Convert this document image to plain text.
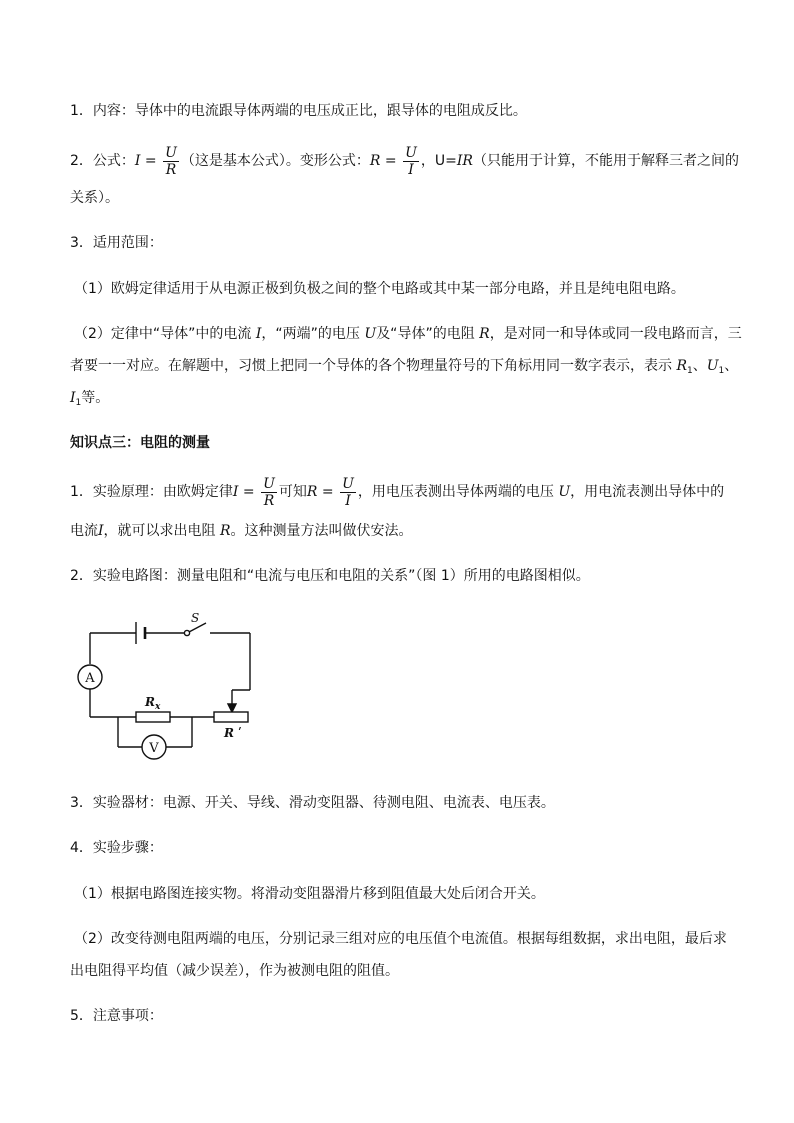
1．内容：导体中的电流跟导体两端的电压成正比，跟导体的电阻成反比。
2．公式：$I = \frac{U}{R}$ （这是基本公式）。变形公式：$R = \frac{U}{I}$ ，U=IR（只能用于计算，不能用于解释三者之间的
关系）。
3．适用范围：
（1）欧姆定律适用于从电源正极到负极之间的整个电路或其中某一部分电路，并且是纯电阻电路。
（2）定律中“导体”中的电流 I，“两端”的电压 U及“导体”的电阻 R，是对同一和导体或同一段电路而言，三
者要一一对应。在解题中，习惯上把同一个导体的各个物理量符号的下角标用同一数字表示，表示 $R_1$、$U_1$、
$I_1$等。
知识点三：电阻的测量
1．实验原理：由欧姆定律$I = \frac{U}{R}$ 可知$R = \frac{U}{I}$ ，用电压表测出导体两端的电压 U，用电流表测出导体中的
电流I，就可以求出电阻 R。这种测量方法叫做伏安法。
2．实验电路图：测量电阻和“电流与电压和电阻的关系”（图 1）所用的电路图相似。
S
A
V
$R_x$
R ʹ
3．实验器材：电源、开关、导线、滑动变阻器、待测电阻、电流表、电压表。
4．实验步骤：
（1）根据电路图连接实物。将滑动变阻器滑片移到阻值最大处后闭合开关。
（2）改变待测电阻两端的电压，分别记录三组对应的电压值个电流值。根据每组数据，求出电阻，最后求
出电阻得平均值（减少误差），作为被测电阻的阻值。
5．注意事项：
